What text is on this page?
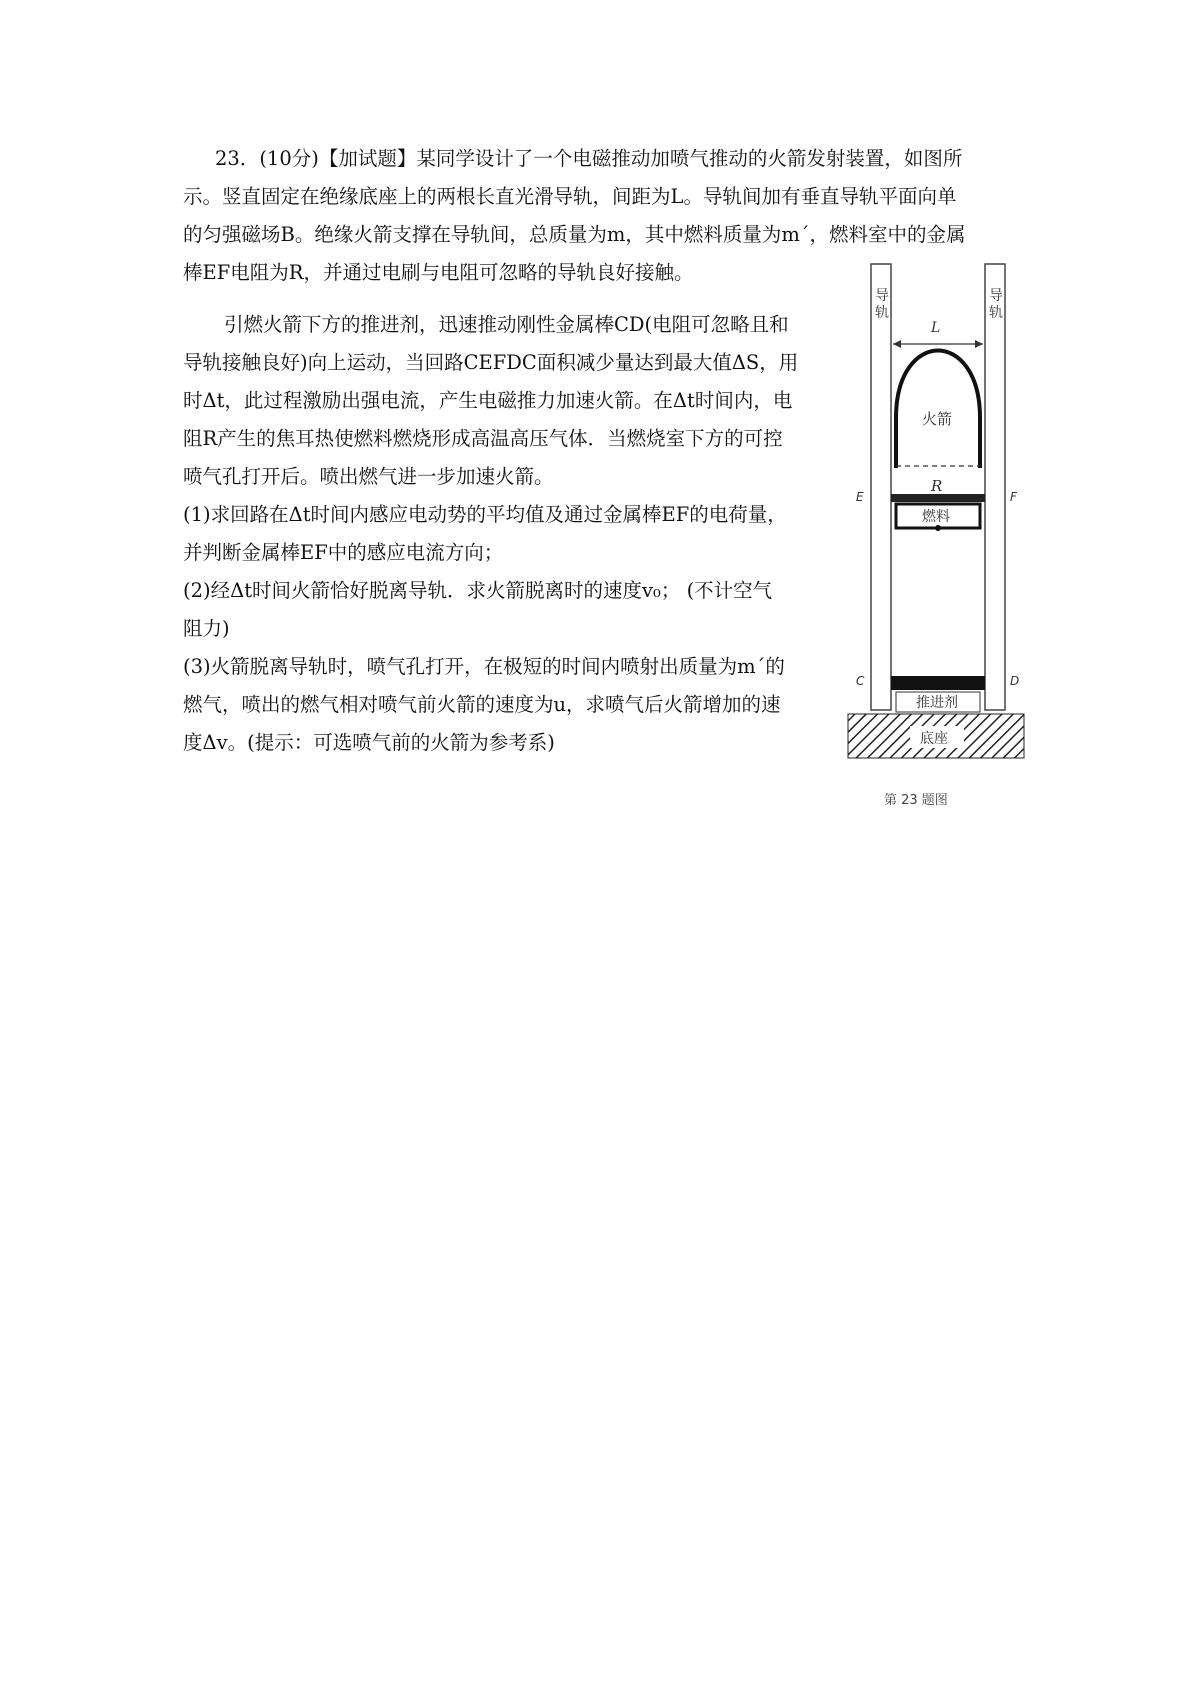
23．(10分)【加试题】某同学设计了一个电磁推动加喷气推动的火箭发射装置，如图所
示。竖直固定在绝缘底座上的两根长直光滑导轨，间距为L。导轨间加有垂直导轨平面向单
的匀强磁场B。绝缘火箭支撑在导轨间，总质量为m，其中燃料质量为m´，燃料室中的金属
棒EF电阻为R，并通过电刷与电阻可忽略的导轨良好接触。
引燃火箭下方的推进剂，迅速推动刚性金属棒CD(电阻可忽略且和
导轨接触良好)向上运动，当回路CEFDC面积减少量达到最大值ΔS，用
时Δt，此过程激励出强电流，产生电磁推力加速火箭。在Δt时间内，电
阻R产生的焦耳热使燃料燃烧形成高温高压气体．当燃烧室下方的可控
喷气孔打开后。喷出燃气进一步加速火箭。
(1)求回路在Δt时间内感应电动势的平均值及通过金属棒EF的电荷量，
并判断金属棒EF中的感应电流方向；
(2)经Δt时间火箭恰好脱离导轨．求火箭脱离时的速度v₀； (不计空气
阻力)
(3)火箭脱离导轨时，喷气孔打开，在极短的时间内喷射出质量为m´的
燃气，喷出的燃气相对喷气前火箭的速度为u，求喷气后火箭增加的速
度Δv。(提示：可选喷气前的火箭为参考系)
导
轨
导
轨
L
火箭
R
燃料
E	F
C	D
推进剂
底座
第 23 题图
